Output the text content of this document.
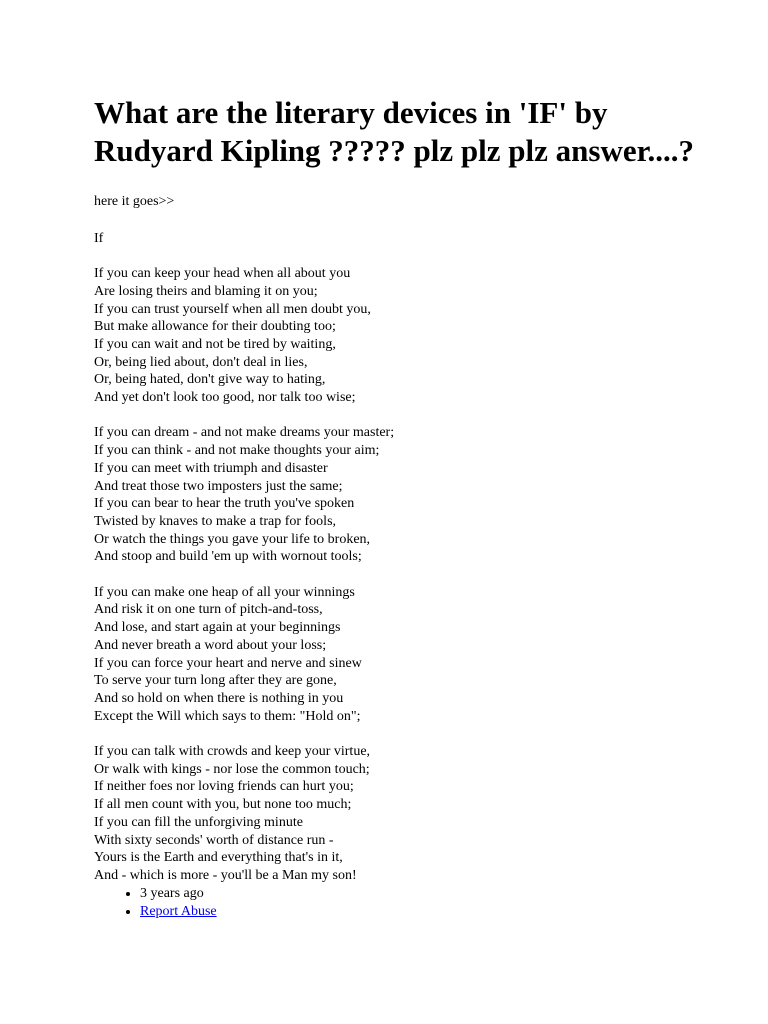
What are the literary devices in 'IF' by Rudyard Kipling ????? plz plz plz answer....?
here it goes>>
If
If you can keep your head when all about you
Are losing theirs and blaming it on you;
If you can trust yourself when all men doubt you,
But make allowance for their doubting too;
If you can wait and not be tired by waiting,
Or, being lied about, don't deal in lies,
Or, being hated, don't give way to hating,
And yet don't look too good, nor talk too wise;
If you can dream - and not make dreams your master;
If you can think - and not make thoughts your aim;
If you can meet with triumph and disaster
And treat those two imposters just the same;
If you can bear to hear the truth you've spoken
Twisted by knaves to make a trap for fools,
Or watch the things you gave your life to broken,
And stoop and build 'em up with wornout tools;
If you can make one heap of all your winnings
And risk it on one turn of pitch-and-toss,
And lose, and start again at your beginnings
And never breath a word about your loss;
If you can force your heart and nerve and sinew
To serve your turn long after they are gone,
And so hold on when there is nothing in you
Except the Will which says to them: "Hold on";
If you can talk with crowds and keep your virtue,
Or walk with kings - nor lose the common touch;
If neither foes nor loving friends can hurt you;
If all men count with you, but none too much;
If you can fill the unforgiving minute
With sixty seconds' worth of distance run -
Yours is the Earth and everything that's in it,
And - which is more - you'll be a Man my son!
• 3 years ago
• Report Abuse
